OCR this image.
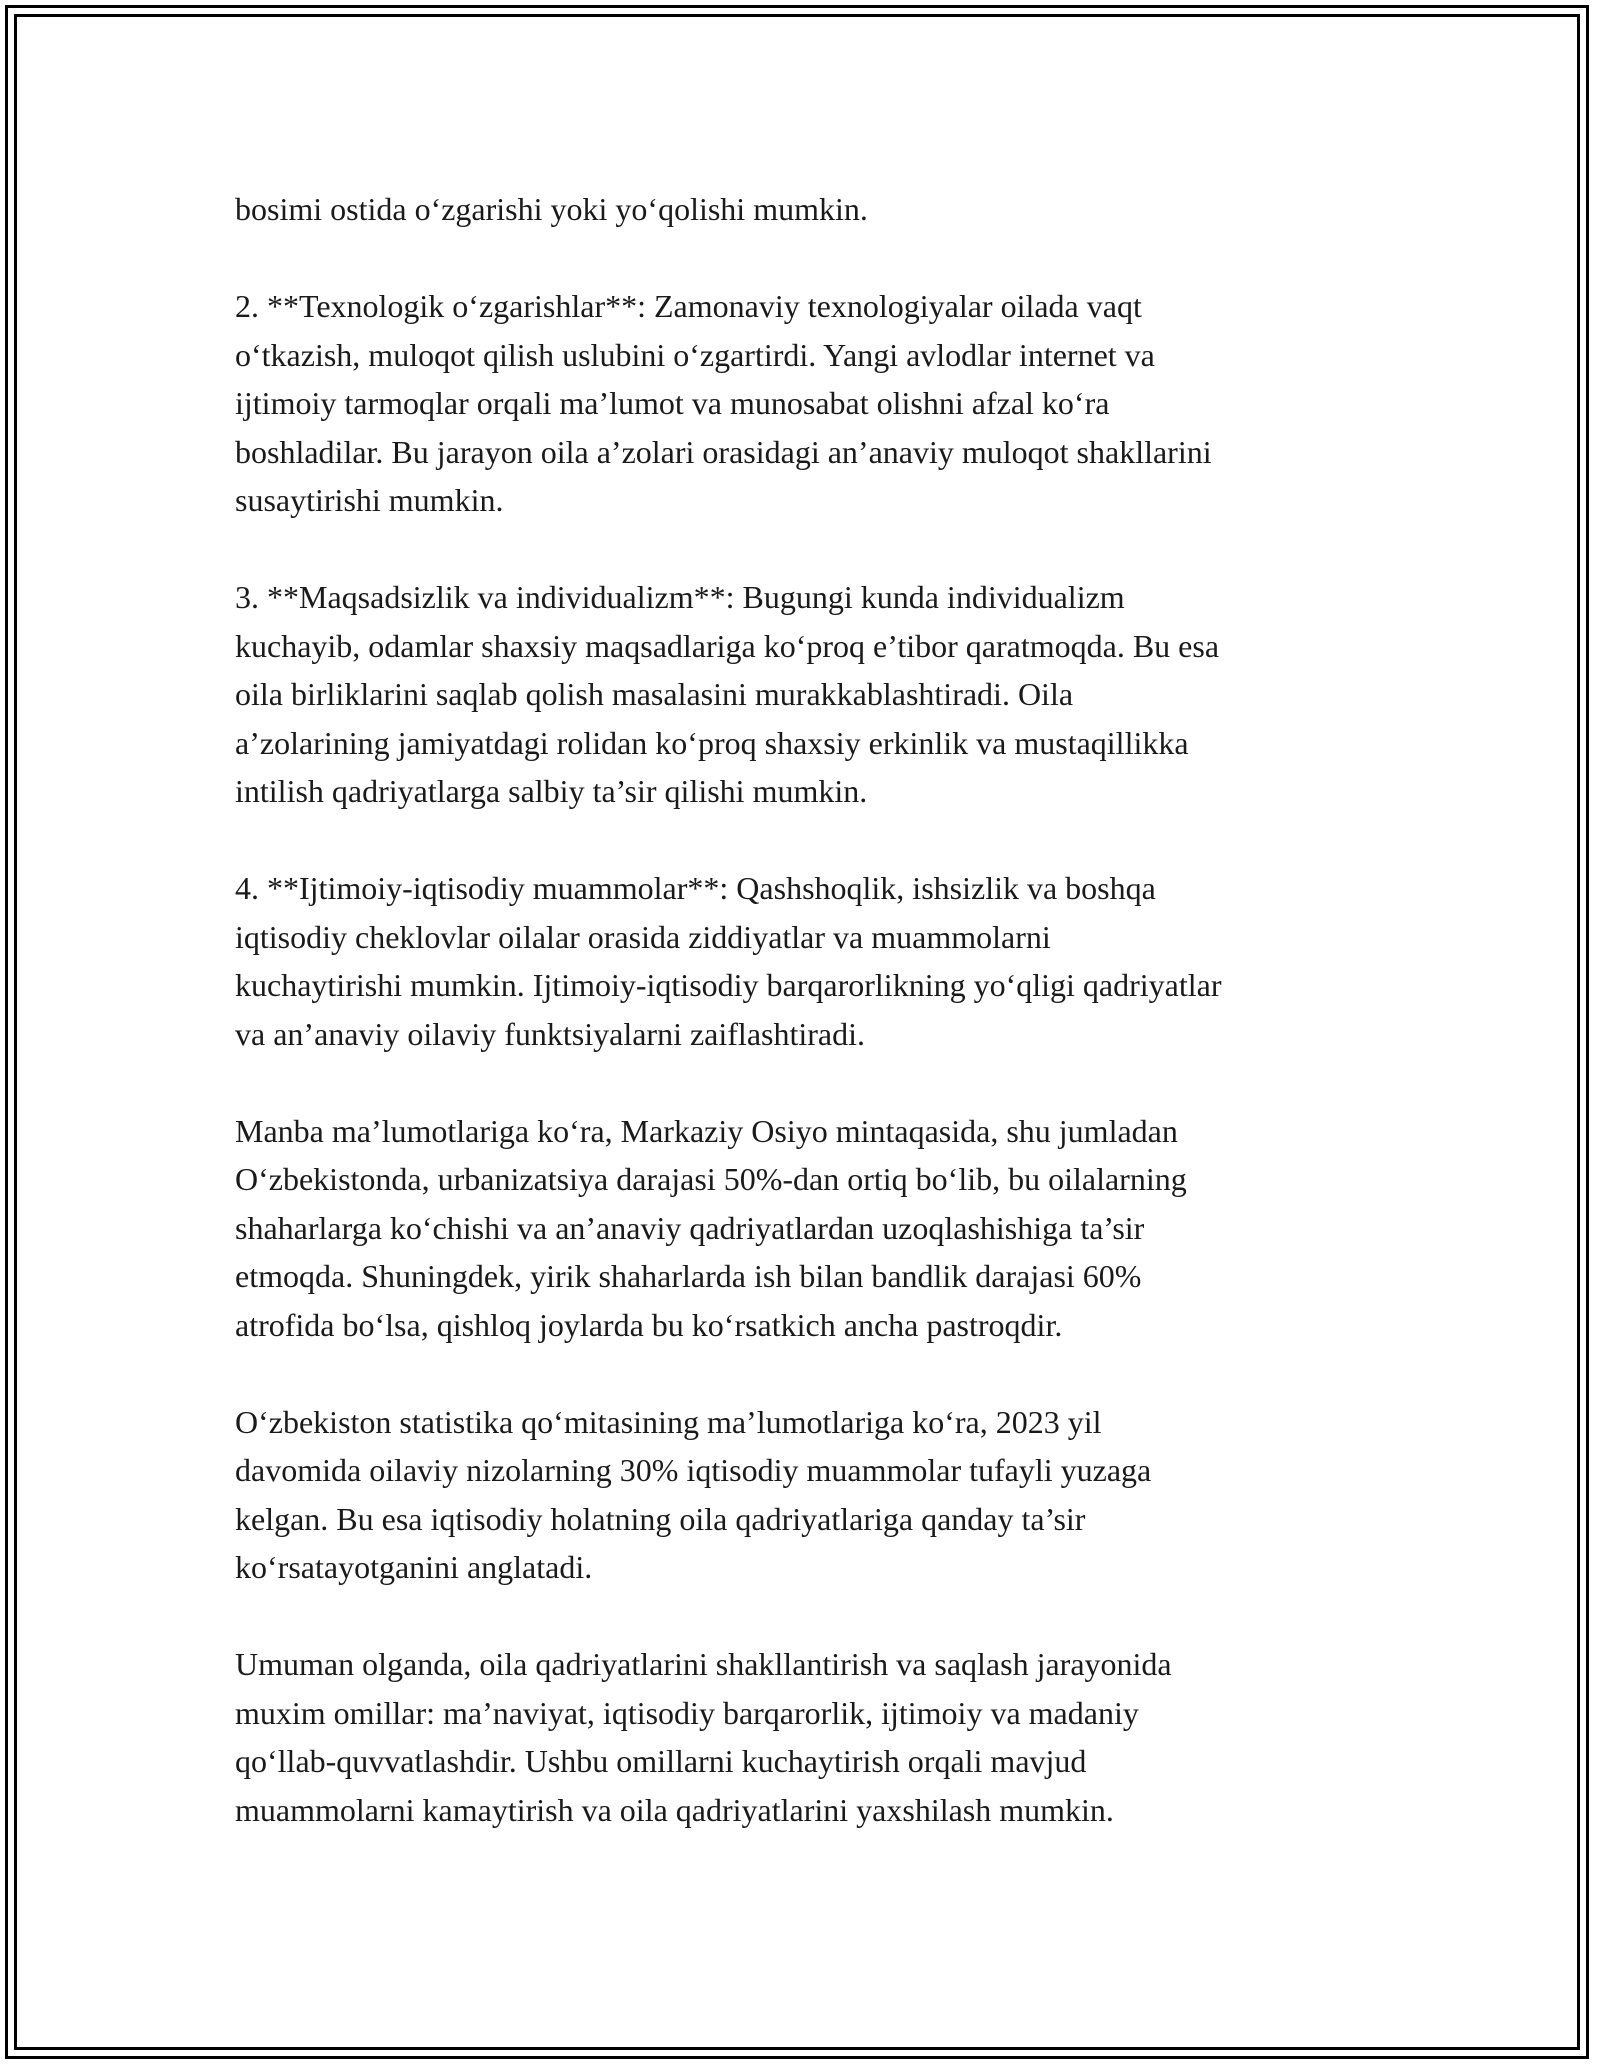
bosimi ostida o‘zgarishi yoki yo‘qolishi mumkin.

2. **Texnologik o‘zgarishlar**: Zamonaviy texnologiyalar oilada vaqt
o‘tkazish, muloqot qilish uslubini o‘zgartirdi. Yangi avlodlar internet va
ijtimoiy tarmoqlar orqali ma’lumot va munosabat olishni afzal ko‘ra
boshladilar. Bu jarayon oila a’zolari orasidagi an’anaviy muloqot shakllarini
susaytirishi mumkin.

3. **Maqsadsizlik va individualizm**: Bugungi kunda individualizm
kuchayib, odamlar shaxsiy maqsadlariga ko‘proq e’tibor qaratmoqda. Bu esa
oila birliklarini saqlab qolish masalasini murakkablashtiradi. Oila
a’zolarining jamiyatdagi rolidan ko‘proq shaxsiy erkinlik va mustaqillikka
intilish qadriyatlarga salbiy ta’sir qilishi mumkin.

4. **Ijtimoiy-iqtisodiy muammolar**: Qashshoqlik, ishsizlik va boshqa
iqtisodiy cheklovlar oilalar orasida ziddiyatlar va muammolarni
kuchaytirishi mumkin. Ijtimoiy-iqtisodiy barqarorlikning yo‘qligi qadriyatlar
va an’anaviy oilaviy funktsiyalarni zaiflashtiradi.

Manba ma’lumotlariga ko‘ra, Markaziy Osiyo mintaqasida, shu jumladan
O‘zbekistonda, urbanizatsiya darajasi 50%-dan ortiq bo‘lib, bu oilalarning
shaharlarga ko‘chishi va an’anaviy qadriyatlardan uzoqlashishiga ta’sir
etmoqda. Shuningdek, yirik shaharlarda ish bilan bandlik darajasi 60%
atrofida bo‘lsa, qishloq joylarda bu ko‘rsatkich ancha pastroqdir.

O‘zbekiston statistika qo‘mitasining ma’lumotlariga ko‘ra, 2023 yil
davomida oilaviy nizolarning 30% iqtisodiy muammolar tufayli yuzaga
kelgan. Bu esa iqtisodiy holatning oila qadriyatlariga qanday ta’sir
ko‘rsatayotganini anglatadi.

Umuman olganda, oila qadriyatlarini shakllantirish va saqlash jarayonida
muxim omillar: ma’naviyat, iqtisodiy barqarorlik, ijtimoiy va madaniy
qo‘llab-quvvatlashdir. Ushbu omillarni kuchaytirish orqali mavjud
muammolarni kamaytirish va oila qadriyatlarini yaxshilash mumkin.
